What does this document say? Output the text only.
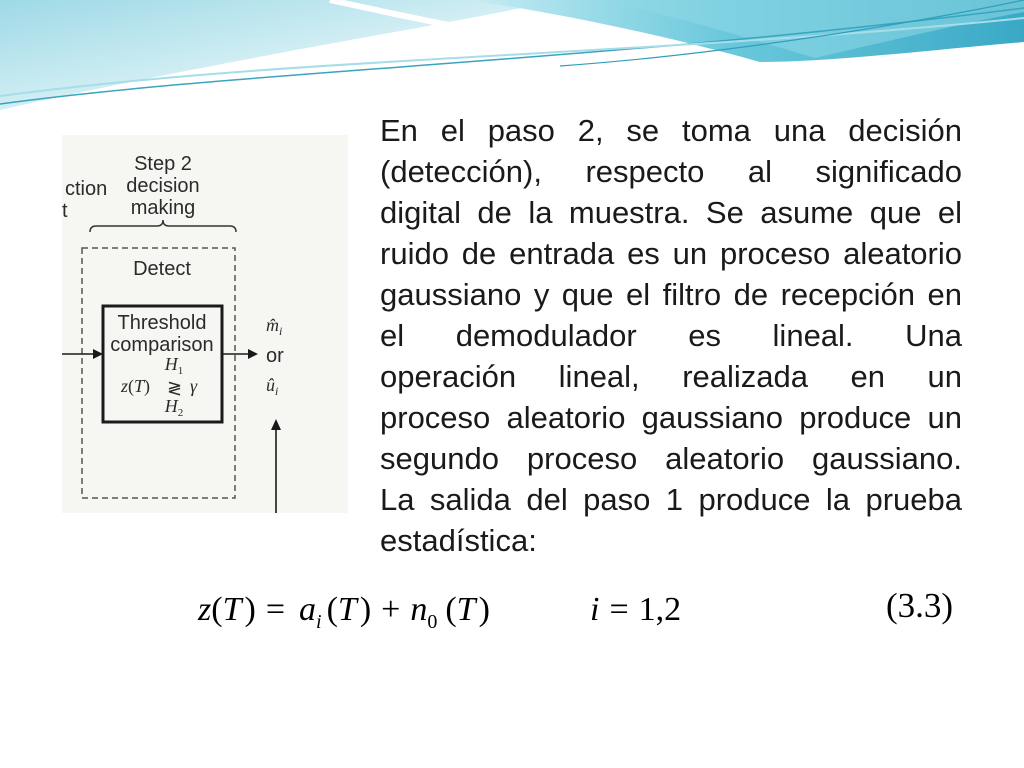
ction
t
Step 2
decision
making
Detect
Threshold
comparison
$H_1$
z(T) ≷ γ
$H_2$
$m̂_i$
or
$û_i$
En el paso 2, se toma una decisión
(detección), respecto al significado
digital de la muestra. Se asume que el
ruido de entrada es un proceso aleatorio
gaussiano y que el filtro de recepción en
el demodulador es lineal. Una
operación lineal, realizada en un
proceso aleatorio gaussiano produce un
segundo proceso aleatorio gaussiano.
La salida del paso 1 produce la prueba
estadística:
z ( T ) = a i ( T ) + n 0 ( T )	i = 1,2	(3.3)
